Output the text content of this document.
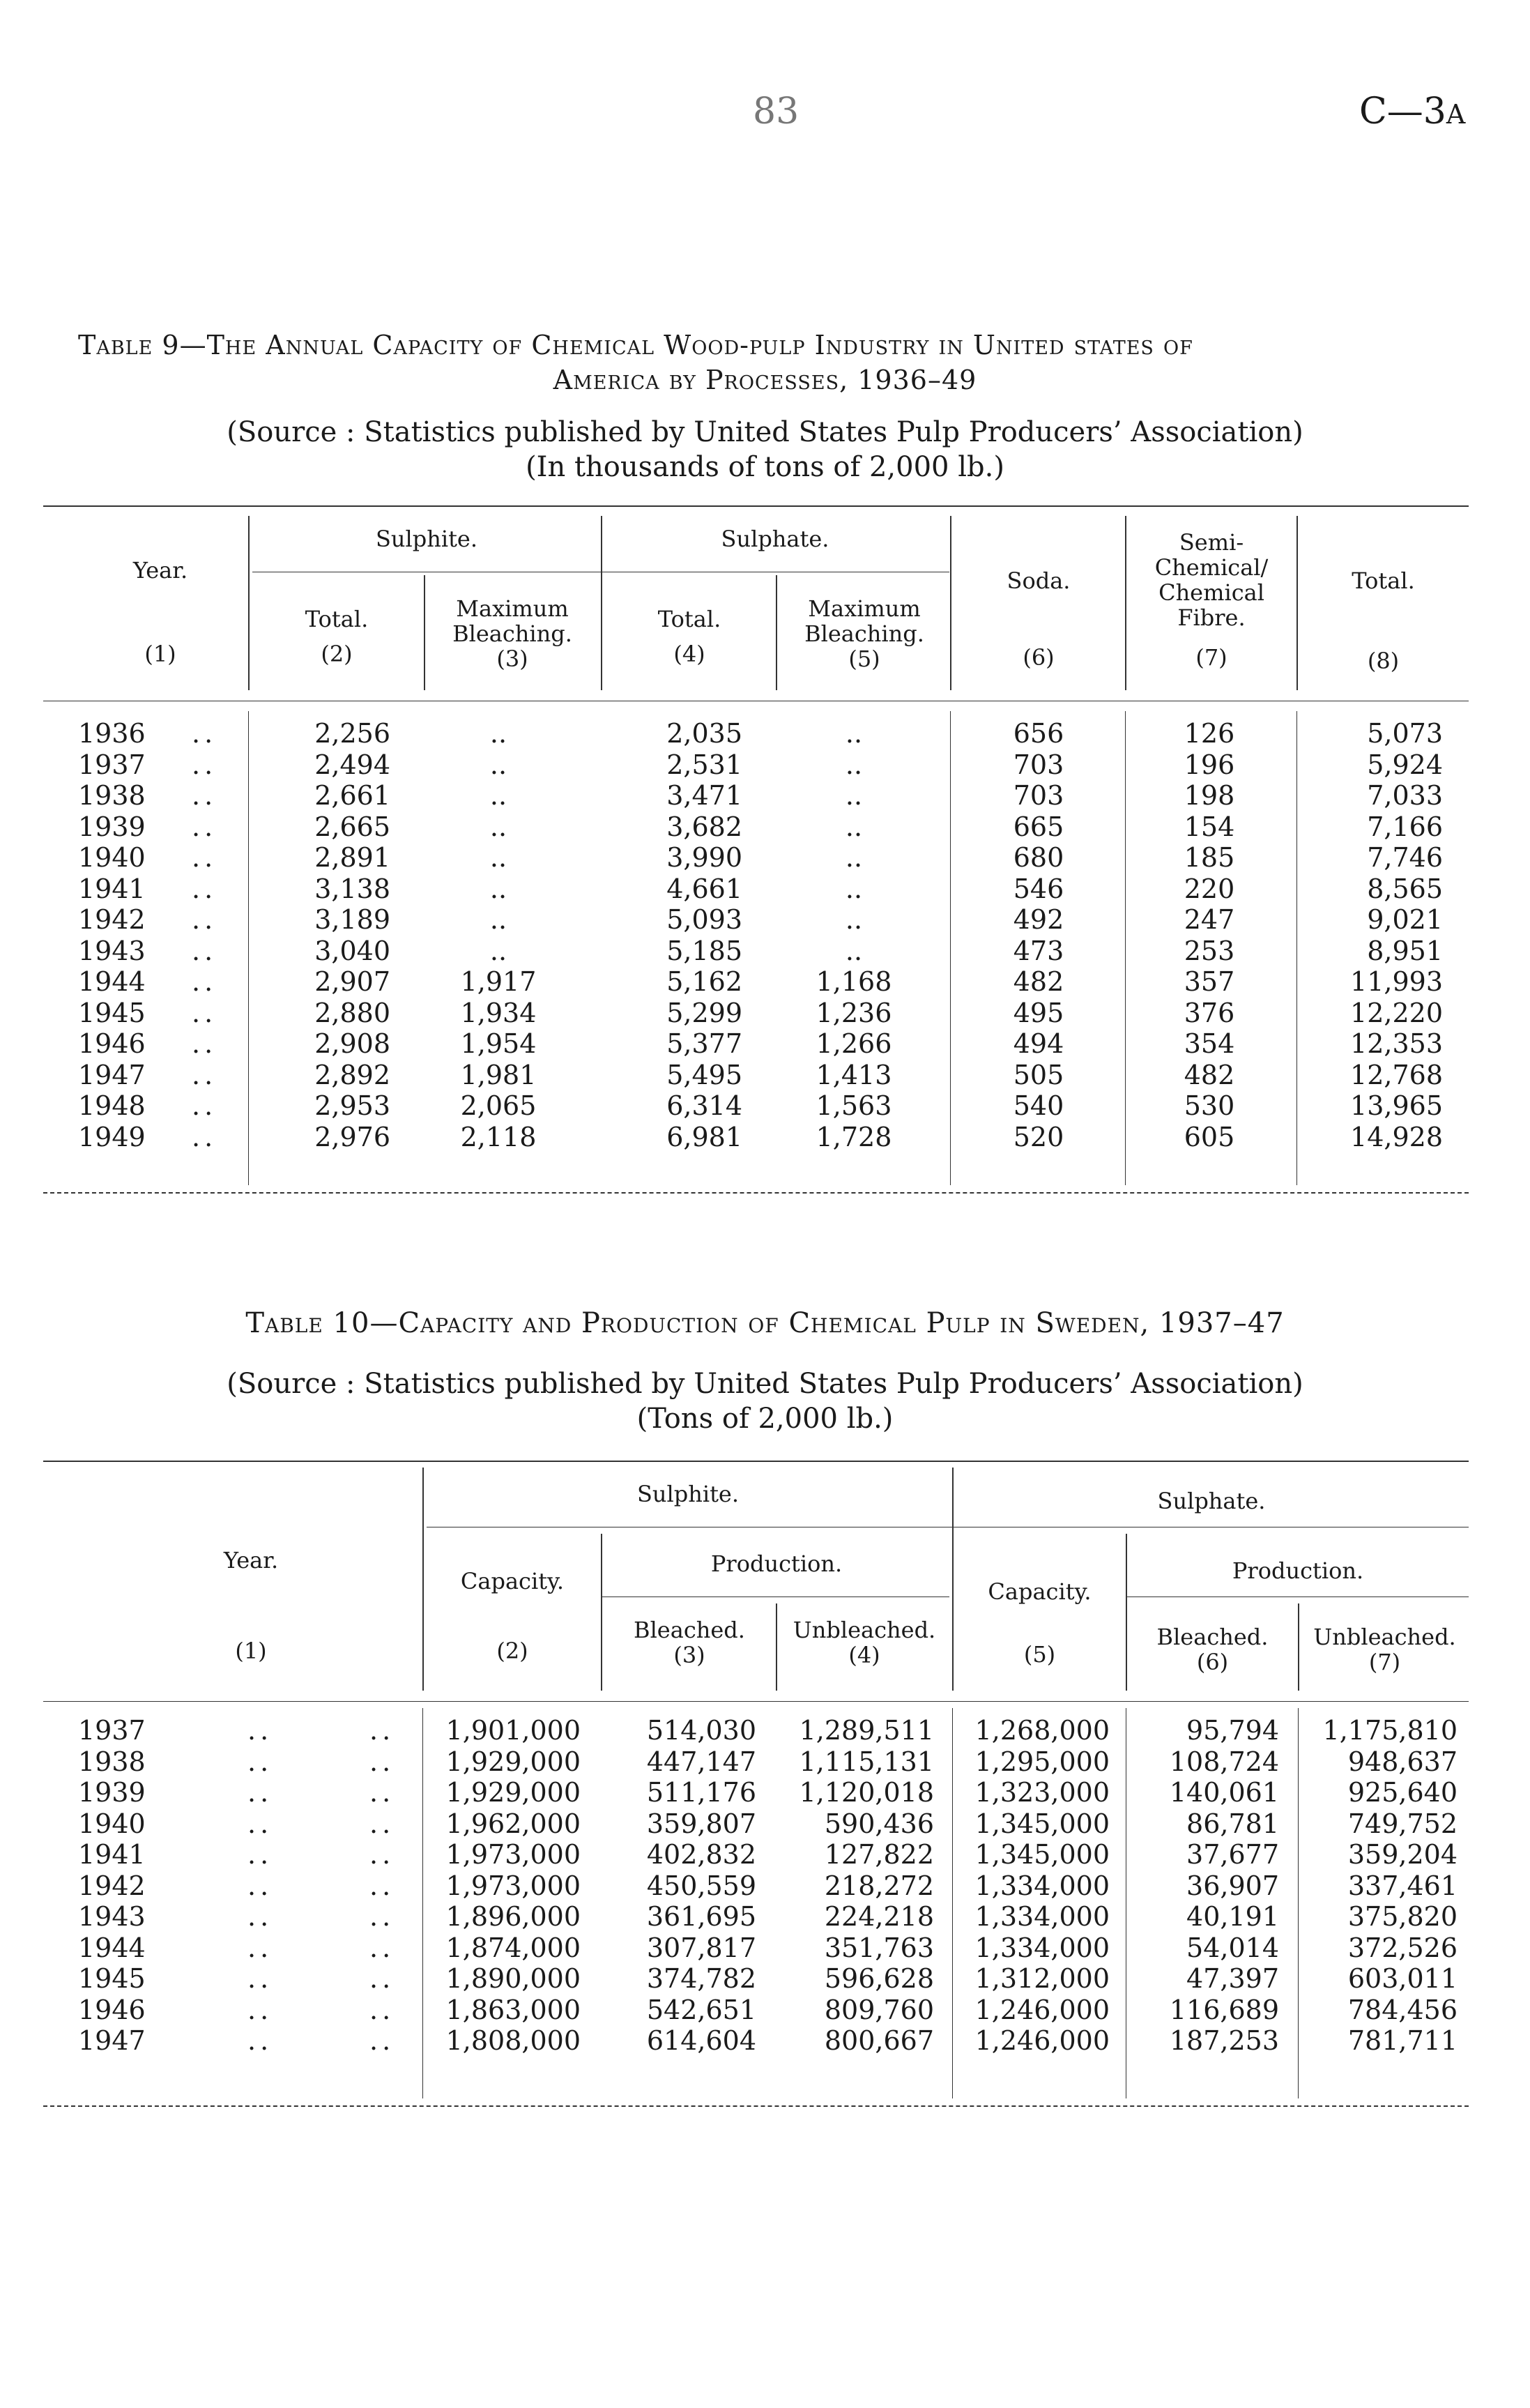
83	C—3A
Table 9—The Annual Capacity of Chemical Wood-pulp Industry in United states of
America by Processes, 1936–49
(Source : Statistics published by United States Pulp Producers’ Association)
(In thousands of tons of 2,000 lb.)
Year.
(1)
Sulphite.	Sulphate.
Total.
(2)
Maximum
Bleaching.
(3)
Total.
(4)
Maximum
Bleaching.
(5)
Soda.
(6)
Semi-
Chemical/
Chemical
Fibre.
(7)
Total.
(8)
1936 ..	2,256	..	2,035	..	656	126	5,073
1937 ..	2,494	..	2,531	..	703	196	5,924
1938 ..	2,661	..	3,471	..	703	198	7,033
1939 ..	2,665	..	3,682	..	665	154	7,166
1940 ..	2,891	..	3,990	..	680	185	7,746
1941 ..	3,138	..	4,661	..	546	220	8,565
1942 ..	3,189	..	5,093	..	492	247	9,021
1943 ..	3,040	..	5,185	..	473	253	8,951
1944 ..	2,907	1,917	5,162	1,168	482	357	11,993
1945 ..	2,880	1,934	5,299	1,236	495	376	12,220
1946 ..	2,908	1,954	5,377	1,266	494	354	12,353
1947 ..	2,892	1,981	5,495	1,413	505	482	12,768
1948 ..	2,953	2,065	6,314	1,563	540	530	13,965
1949 ..	2,976	2,118	6,981	1,728	520	605	14,928
Table 10—Capacity and Production of Chemical Pulp in Sweden, 1937–47
(Source : Statistics published by United States Pulp Producers’ Association)
(Tons of 2,000 lb.)
Year.
(1)
Sulphite.	Sulphate.
Capacity.
(2)
Production.
Bleached.
(3)
Unbleached.
(4)
Capacity.
(5)
Production.
Bleached.
(6)
Unbleached.
(7)
1937	..	..	1,901,000	514,030	1,289,511	1,268,000	95,794	1,175,810
1938	..	..	1,929,000	447,147	1,115,131	1,295,000	108,724	948,637
1939	..	..	1,929,000	511,176	1,120,018	1,323,000	140,061	925,640
1940	..	..	1,962,000	359,807	590,436	1,345,000	86,781	749,752
1941	..	..	1,973,000	402,832	127,822	1,345,000	37,677	359,204
1942	..	..	1,973,000	450,559	218,272	1,334,000	36,907	337,461
1943	..	..	1,896,000	361,695	224,218	1,334,000	40,191	375,820
1944	..	..	1,874,000	307,817	351,763	1,334,000	54,014	372,526
1945	..	..	1,890,000	374,782	596,628	1,312,000	47,397	603,011
1946	..	..	1,863,000	542,651	809,760	1,246,000	116,689	784,456
1947	..	..	1,808,000	614,604	800,667	1,246,000	187,253	781,711
